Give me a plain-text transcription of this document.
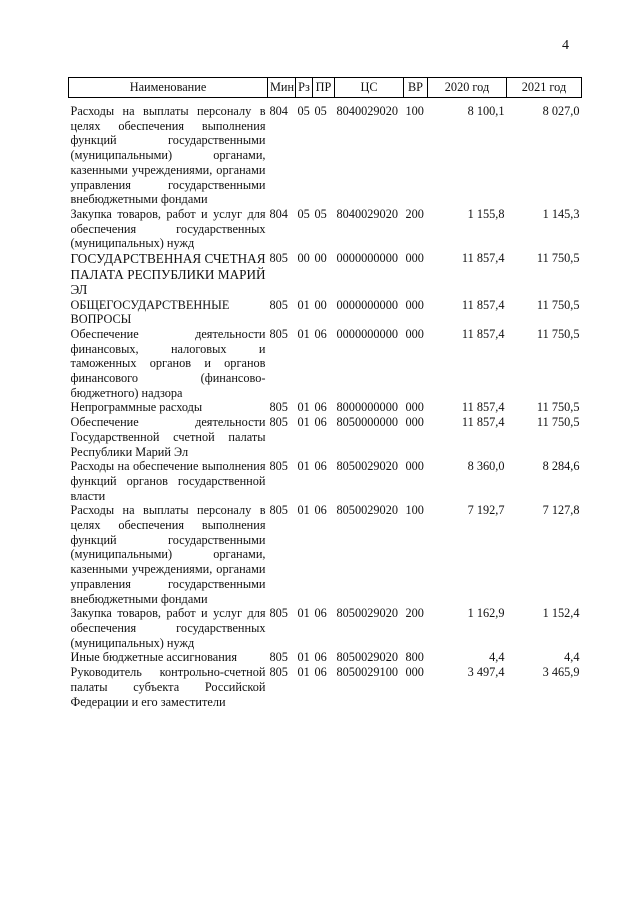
4
Наименование	Мин	Рз	ПР	ЦС	ВР	2020 год	2021 год
Расходы на выплаты персоналу в целях обеспечения выполнения функций государственными (муниципальными) органами, казенными учреждениями, органами управления государственными внебюджетными фондами	804	05	05	8040029020	100	8 100,1	8 027,0
Закупка товаров, работ и услуг для обеспечения государственных (муниципальных) нужд	804	05	05	8040029020	200	1 155,8	1 145,3
ГОСУДАРСТВЕННАЯ СЧЕТНАЯ ПАЛАТА РЕСПУБЛИКИ МАРИЙ ЭЛ	805	00	00	0000000000	000	11 857,4	11 750,5
ОБЩЕГОСУДАРСТВЕННЫЕ ВОПРОСЫ	805	01	00	0000000000	000	11 857,4	11 750,5
Обеспечение деятельности финансовых, налоговых и таможенных органов и органов финансового (финансово-бюджетного) надзора	805	01	06	0000000000	000	11 857,4	11 750,5
Непрограммные расходы	805	01	06	8000000000	000	11 857,4	11 750,5
Обеспечение деятельности Государственной счетной палаты Республики Марий Эл	805	01	06	8050000000	000	11 857,4	11 750,5
Расходы на обеспечение выполнения функций органов государственной власти	805	01	06	8050029020	000	8 360,0	8 284,6
Расходы на выплаты персоналу в целях обеспечения выполнения функций государственными (муниципальными) органами, казенными учреждениями, органами управления государственными внебюджетными фондами	805	01	06	8050029020	100	7 192,7	7 127,8
Закупка товаров, работ и услуг для обеспечения государственных (муниципальных) нужд	805	01	06	8050029020	200	1 162,9	1 152,4
Иные бюджетные ассигнования	805	01	06	8050029020	800	4,4	4,4
Руководитель контрольно-счетной палаты субъекта Российской Федерации и его заместители	805	01	06	8050029100	000	3 497,4	3 465,9
